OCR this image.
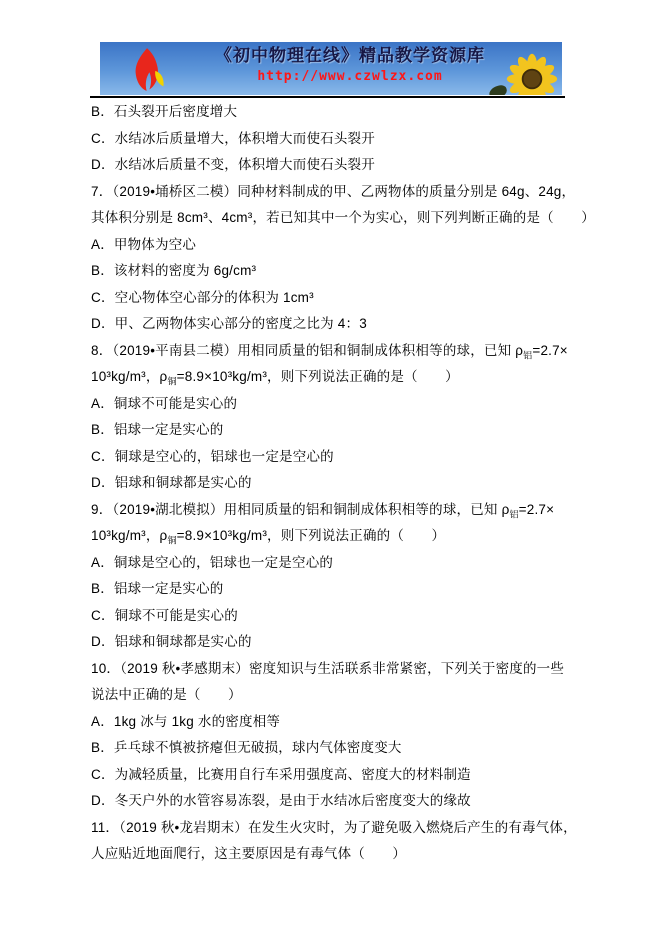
《初中物理在线》精品教学资源库
http://www.czwlzx.com
B．石头裂开后密度增大
C．水结冰后质量增大，体积增大而使石头裂开
D．水结冰后质量不变，体积增大而使石头裂开
7．（2019•埇桥区二模）同种材料制成的甲、乙两物体的质量分别是 64g、24g，
其体积分别是 8cm³、4cm³，若已知其中一个为实心，则下列判断正确的是（　　）
A．甲物体为空心
B．该材料的密度为 6g/cm³
C．空心物体空心部分的体积为 1cm³
D．甲、乙两物体实心部分的密度之比为 4：3
8．（2019•平南县二模）用相同质量的铝和铜制成体积相等的球，已知 $\rho_铝=2.7\times$
10³kg/m³，$\rho_铜=8.9\times 10^3kg/m^3$，则下列说法正确的是（　　）
A．铜球不可能是实心的
B．铝球一定是实心的
C．铜球是空心的，铝球也一定是空心的
D．铝球和铜球都是实心的
9．（2019•湖北模拟）用相同质量的铝和铜制成体积相等的球，已知 $\rho_铝=2.7\times$
10³kg/m³，$\rho_铜=8.9\times 10^3kg/m^3$，则下列说法正确的（　　）
A．铜球是空心的，铝球也一定是空心的
B．铝球一定是实心的
C．铜球不可能是实心的
D．铝球和铜球都是实心的
10．（2019 秋•孝感期末）密度知识与生活联系非常紧密，下列关于密度的一些
说法中正确的是（　　）
A．1kg 冰与 1kg 水的密度相等
B．乒乓球不慎被挤瘪但无破损，球内气体密度变大
C．为减轻质量，比赛用自行车采用强度高、密度大的材料制造
D．冬天户外的水管容易冻裂，是由于水结冰后密度变大的缘故
11．（2019 秋•龙岩期末）在发生火灾时，为了避免吸入燃烧后产生的有毒气体，
人应贴近地面爬行，这主要原因是有毒气体（　　）
